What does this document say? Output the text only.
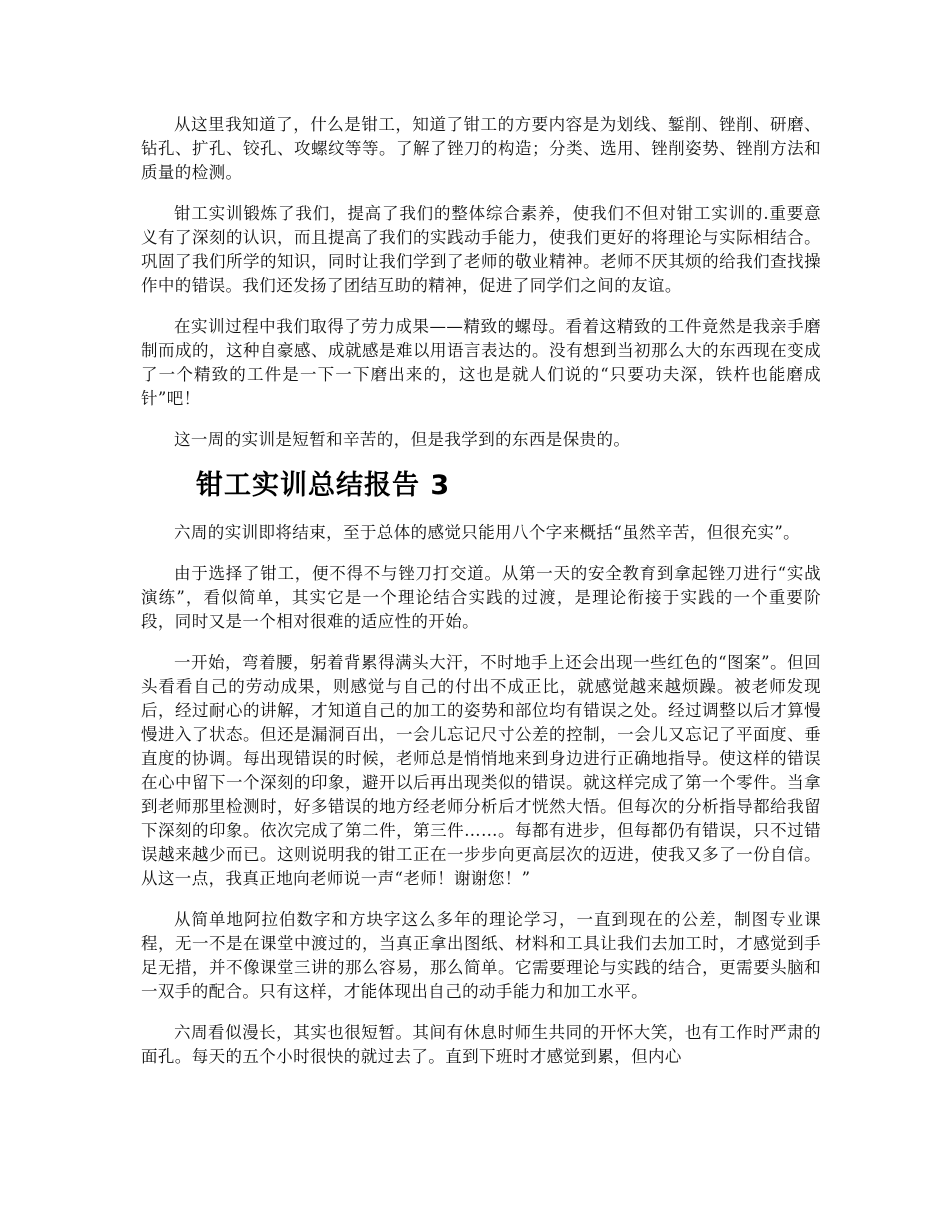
从这里我知道了，什么是钳工，知道了钳工的方要内容是为划线、錾削、锉削、研磨、钻孔、扩孔、铰孔、攻螺纹等等。了解了锉刀的构造；分类、选用、锉削姿势、锉削方法和质量的检测。

钳工实训锻炼了我们，提高了我们的整体综合素养，使我们不但对钳工实训的.重要意义有了深刻的认识，而且提高了我们的实践动手能力，使我们更好的将理论与实际相结合。巩固了我们所学的知识，同时让我们学到了老师的敬业精神。老师不厌其烦的给我们查找操作中的错误。我们还发扬了团结互助的精神，促进了同学们之间的友谊。

在实训过程中我们取得了劳力成果——精致的螺母。看着这精致的工件竟然是我亲手磨制而成的，这种自豪感、成就感是难以用语言表达的。没有想到当初那么大的东西现在变成了一个精致的工件是一下一下磨出来的，这也是就人们说的“只要功夫深，铁杵也能磨成针”吧！

这一周的实训是短暂和辛苦的，但是我学到的东西是保贵的。

钳工实训总结报告 3

六周的实训即将结束，至于总体的感觉只能用八个字来概括“虽然辛苦，但很充实”。

由于选择了钳工，便不得不与锉刀打交道。从第一天的安全教育到拿起锉刀进行“实战演练”，看似简单，其实它是一个理论结合实践的过渡，是理论衔接于实践的一个重要阶段，同时又是一个相对很难的适应性的开始。

一开始，弯着腰，躬着背累得满头大汗，不时地手上还会出现一些红色的“图案”。但回头看看自己的劳动成果，则感觉与自己的付出不成正比，就感觉越来越烦躁。被老师发现后，经过耐心的讲解，才知道自己的加工的姿势和部位均有错误之处。经过调整以后才算慢慢进入了状态。但还是漏洞百出，一会儿忘记尺寸公差的控制，一会儿又忘记了平面度、垂直度的协调。每出现错误的时候，老师总是悄悄地来到身边进行正确地指导。使这样的错误在心中留下一个深刻的印象，避开以后再出现类似的错误。就这样完成了第一个零件。当拿到老师那里检测时，好多错误的地方经老师分析后才恍然大悟。但每次的分析指导都给我留下深刻的印象。依次完成了第二件，第三件……。每都有进步，但每都仍有错误，只不过错误越来越少而已。这则说明我的钳工正在一步步向更高层次的迈进，使我又多了一份自信。从这一点，我真正地向老师说一声“老师！谢谢您！”

从简单地阿拉伯数字和方块字这么多年的理论学习，一直到现在的公差，制图专业课程，无一不是在课堂中渡过的，当真正拿出图纸、材料和工具让我们去加工时，才感觉到手足无措，并不像课堂三讲的那么容易，那么简单。它需要理论与实践的结合，更需要头脑和一双手的配合。只有这样，才能体现出自己的动手能力和加工水平。

六周看似漫长，其实也很短暂。其间有休息时师生共同的开怀大笑，也有工作时严肃的面孔。每天的五个小时很快的就过去了。直到下班时才感觉到累，但内心
